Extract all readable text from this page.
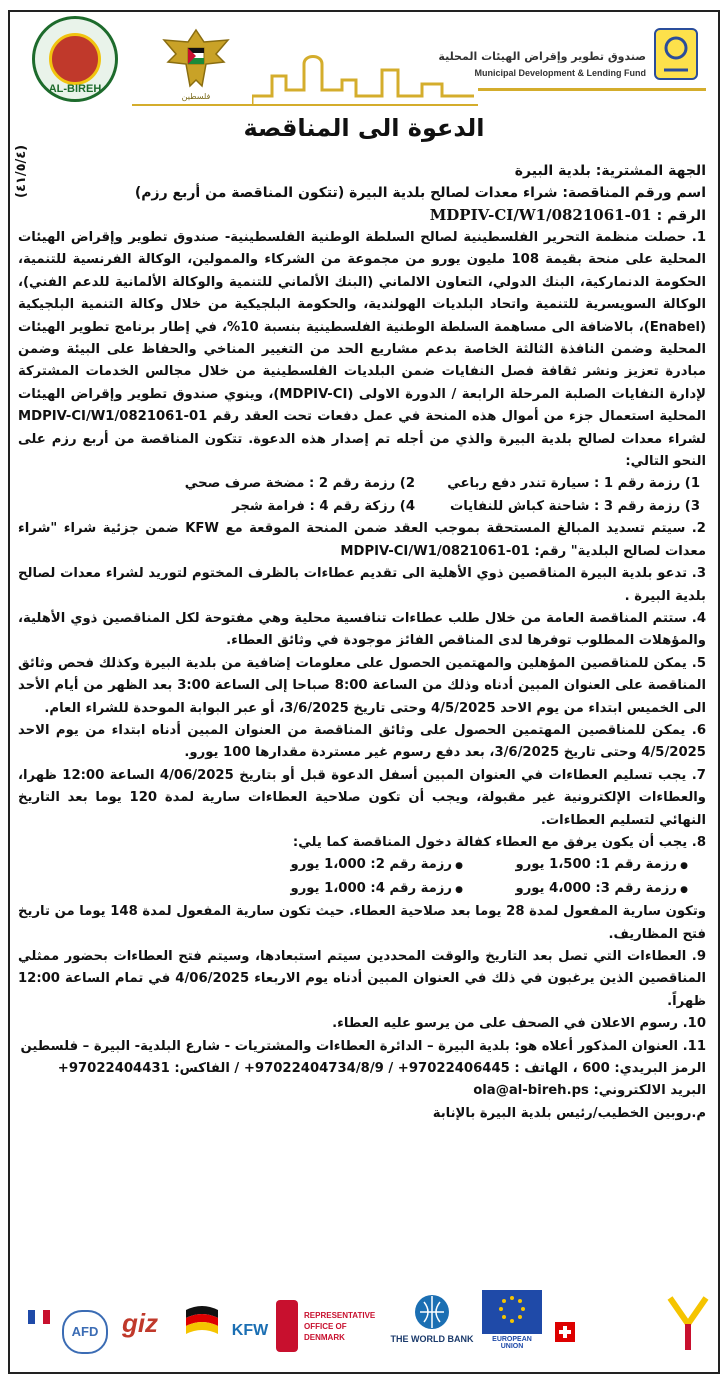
AL-BIREH
فلسطين
صندوق تطوير وإقراض الهيئات المحلية
Municipal Development & Lending Fund
الدعوة الى المناقصة
(٤١/٥/٤)

الجهة المشترية: بلدية البيرة

اسم ورقم المناقصة: شراء معدات لصالح بلدية البيرة (تتكون المناقصة من أربع رزم)

الرقم : MDPIV-CI/W1/0821061-01

1. حصلت منظمة التحرير الفلسطينية لصالح السلطة الوطنية الفلسطينية- صندوق تطوير وإقراض الهيئات المحلية على منحة بقيمة 108 مليون يورو من مجموعة من الشركاء والممولين، الوكالة الفرنسية للتنمية، الحكومة الدنماركية، البنك الدولي، التعاون الالماني (البنك الألماني للتنمية والوكالة الألمانية للدعم الفني)، الوكالة السويسرية للتنمية واتحاد البلديات الهولندية، والحكومة البلجيكية من خلال وكالة التنمية البلجيكية (Enabel)، بالاضافة الى مساهمة السلطة الوطنية الفلسطينية بنسبة 10%، في إطار برنامج تطوير الهيئات المحلية وضمن النافذة الثالثة الخاصة بدعم مشاريع الحد من التغيير المناخي والحفاظ على البيئة وضمن مبادرة تعزيز ونشر ثقافة فصل النفايات ضمن البلديات الفلسطينية من خلال مجالس الخدمات المشتركة لإدارة النفايات الصلبة المرحلة الرابعة / الدورة الاولى (MDPIV-CI)، وينوي صندوق تطوير وإقراض الهيئات المحلية استعمال جزء من أموال هذه المنحة في عمل دفعات تحت العقد رقم MDPIV-CI/W1/0821061-01 لشراء معدات لصالح بلدية البيرة والذي من أجله تم إصدار هذه الدعوة. تتكون المناقصة من أربع رزم على النحو التالي:

1) رزمة رقم 1 : سيارة تندر دفع رباعي
2) رزمة رقم 2 : مضخة صرف صحي
3) رزمة رقم 3 : شاحنة كباش للنفايات
4) رزكة رقم 4 : فرامة شجر

2. سيتم تسديد المبالغ المستحقة بموجب العقد ضمن المنحة الموقعة مع KFW ضمن جزئية شراء "شراء معدات لصالح البلدية" رقم: MDPIV-CI/W1/0821061-01

3. تدعو بلدية البيرة المناقصين ذوي الأهلية الى تقديم عطاءات بالظرف المختوم لتوريد لشراء معدات لصالح بلدية البيرة .

4. ستتم المناقصة العامة من خلال طلب عطاءات تنافسية محلية وهي مفتوحة لكل المناقصين ذوي الأهلية، والمؤهلات المطلوب توفرها لدى المناقص الفائز موجودة في وثائق العطاء.

5. يمكن للمناقصين المؤهلين والمهتمين الحصول على معلومات إضافية من بلدية البيرة وكذلك فحص وثائق المناقصة على العنوان المبين أدناه وذلك من الساعة 8:00 صباحا إلى الساعة 3:00 بعد الظهر من أيام الأحد الى الخميس ابتداء من يوم الاحد 4/5/2025 وحتى تاريخ 3/6/2025، أو عبر البوابة الموحدة للشراء العام.

6. يمكن للمناقصين المهتمين الحصول على وثائق المناقصة من العنوان المبين أدناه ابتداء من يوم الاحد 4/5/2025 وحتى تاريخ 3/6/2025، بعد دفع رسوم غير مستردة مقدارها 100 يورو.

7. يجب تسليم العطاءات في العنوان المبين أسفل الدعوة قبل أو بتاريخ 4/06/2025 الساعة 12:00 ظهرا، والعطاءات الإلكترونية غير مقبولة، ويجب أن تكون صلاحية العطاءات سارية لمدة 120 يوما بعد التاريخ النهائي لتسليم العطاءات.

8. يجب أن يكون يرفق مع العطاء كفالة دخول المناقصة كما يلي:

● رزمة رقم 1: 1،500 يورو
● رزمة رقم 2: 1،000 يورو
● رزمة رقم 3: 4،000 يورو
● رزمة رقم 4: 1،000 يورو

وتكون سارية المفعول لمدة 28 يوما بعد صلاحية العطاء. حيث تكون سارية المفعول لمدة 148 يوما من تاريخ فتح المظاريف.

9. العطاءات التي تصل بعد التاريخ والوقت المحددين سيتم استبعادها، وسيتم فتح العطاءات بحضور ممثلي المناقصين الذين يرغبون في ذلك في العنوان المبين أدناه يوم الاربعاء 4/06/2025 في تمام الساعة 12:00 ظهراً.

10. رسوم الاعلان في الصحف على من يرسو عليه العطاء.

11. العنوان المذكور أعلاه هو: بلدية البيرة – الدائرة العطاءات والمشتريات - شارع البلدية- البيرة – فلسطين

الرمز البريدي: 600 ، الهاتف : 97022406445+ / 97022404734/8/9+ / الفاكس: 97022404431+

البريد الالكتروني: ola@al-bireh.ps

م.روبين الخطيب/رئيس بلدية البيرة بالإنابة

AFD giz	KFW
REPRESENTATIVE OFFICE OF DENMARK	THE WORLD BANK	EUROPEAN UNION
